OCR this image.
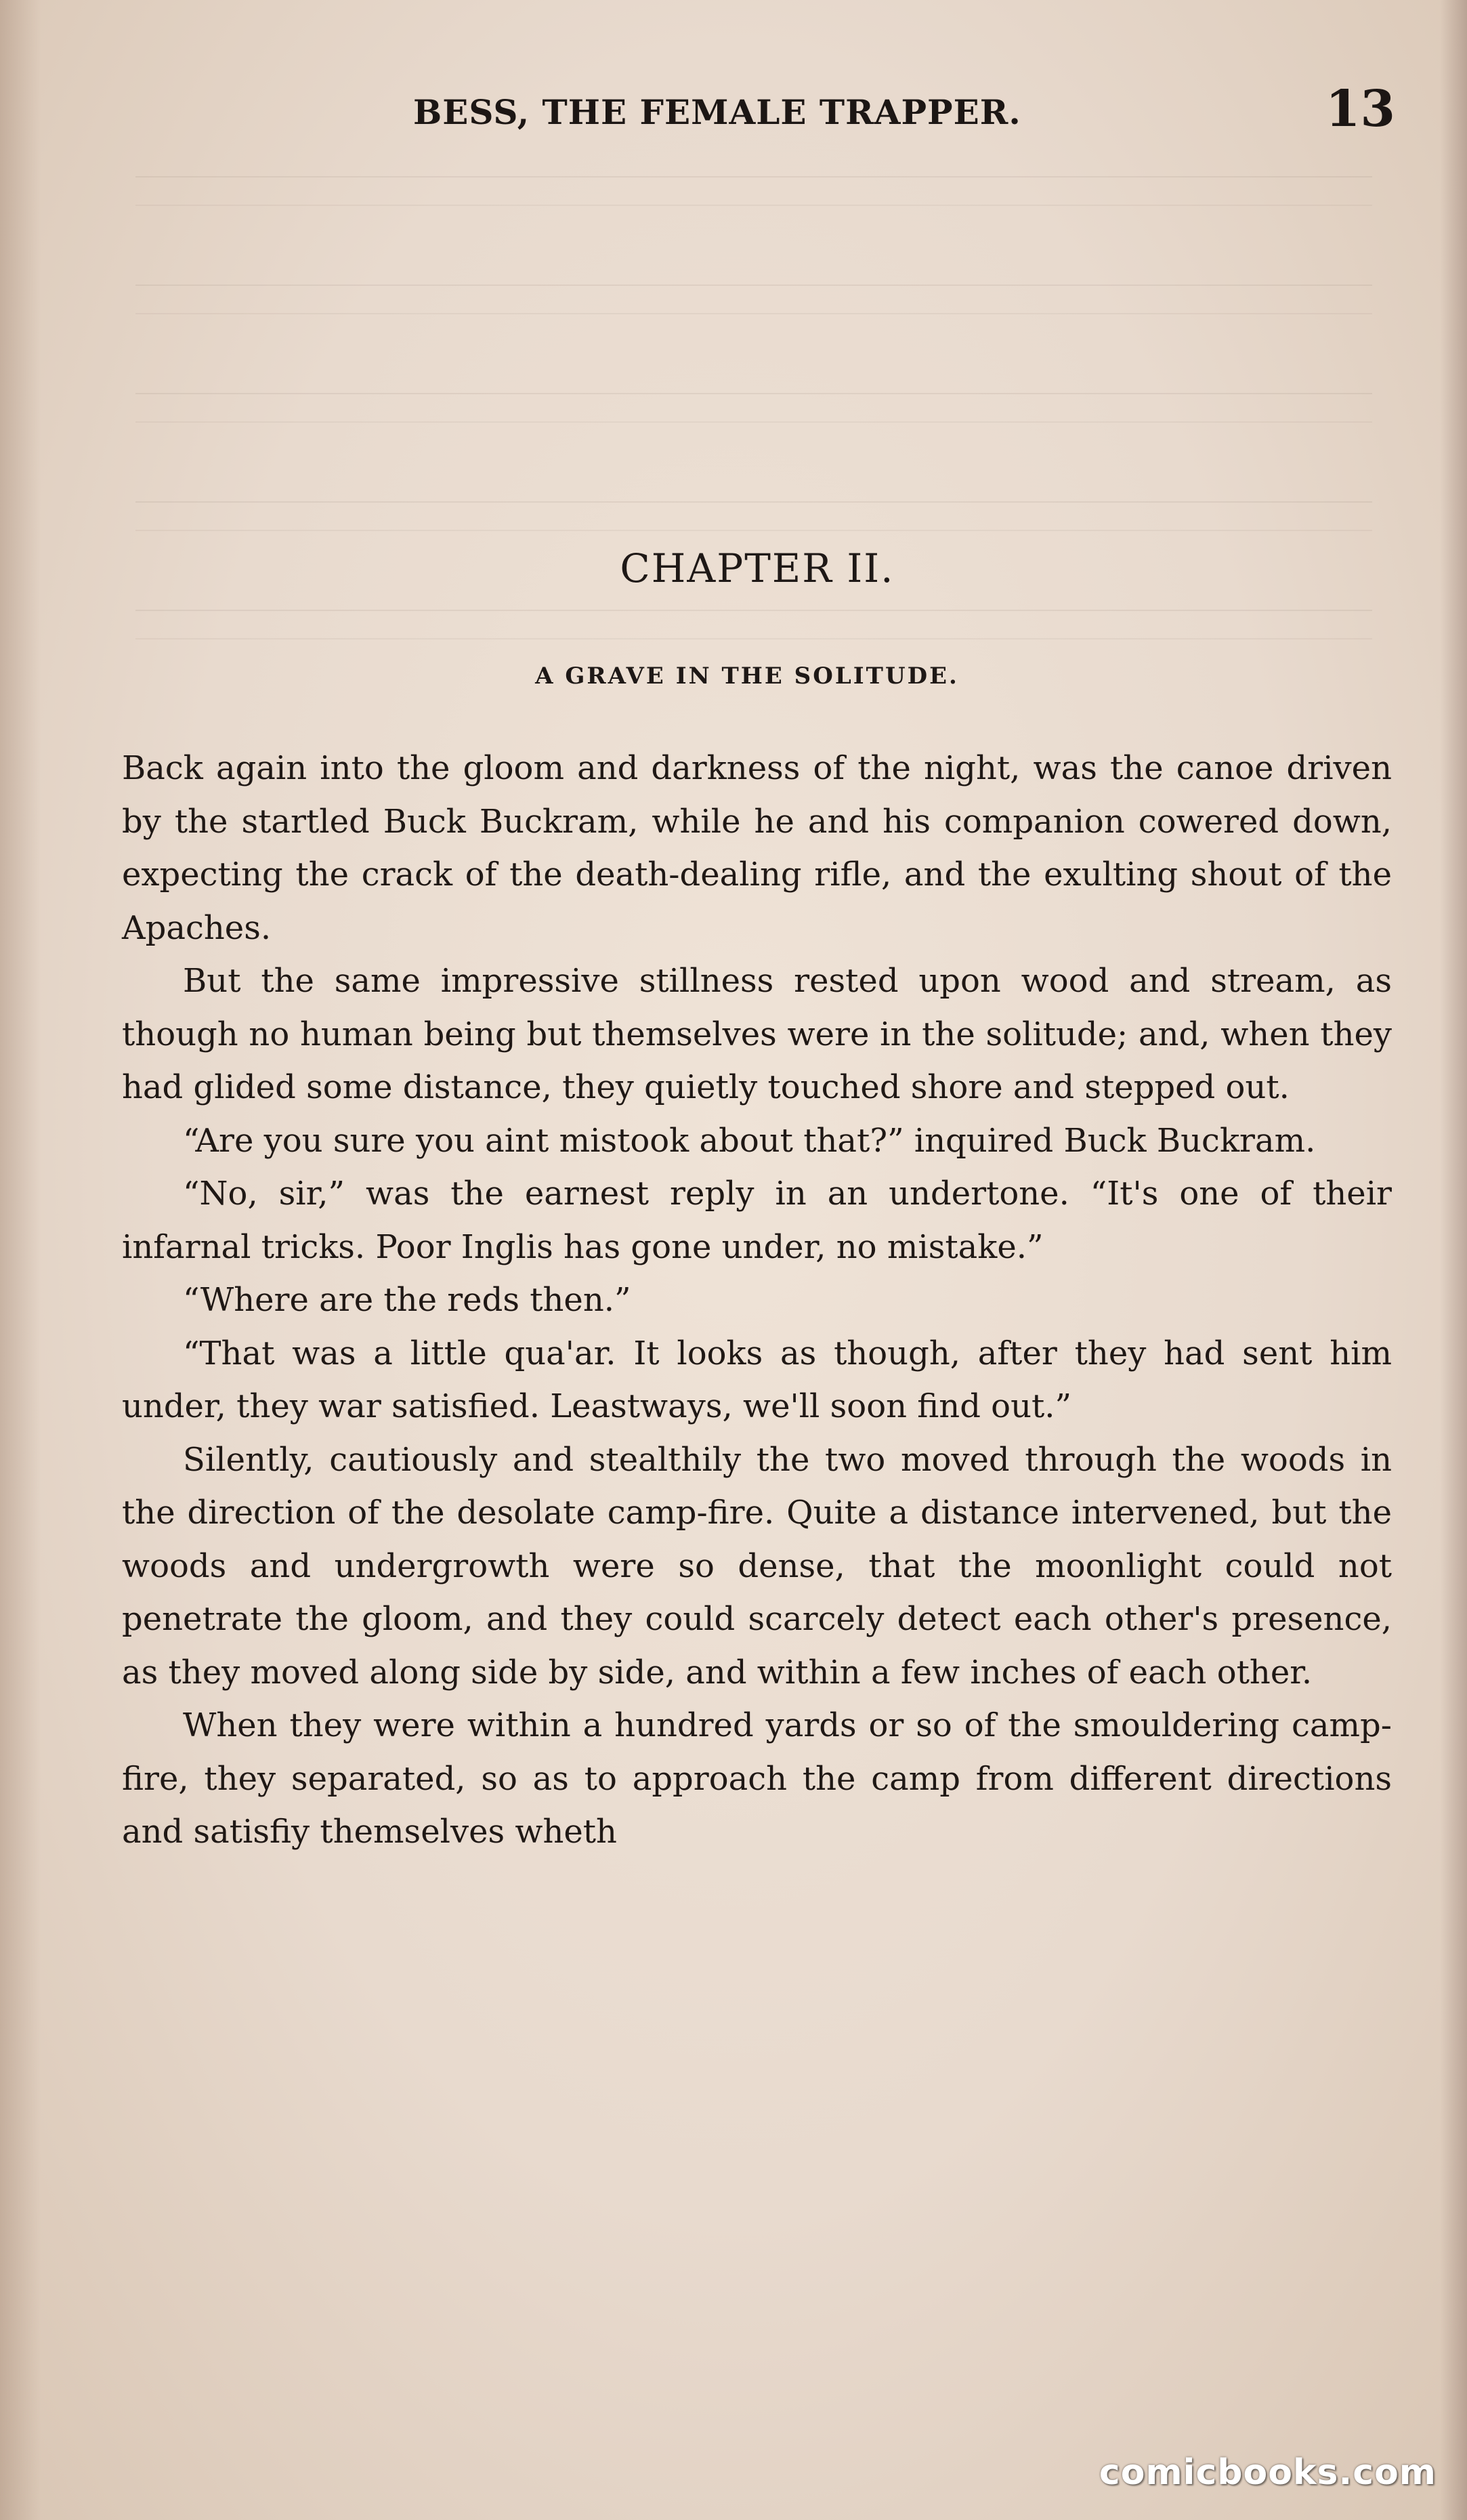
BESS, THE FEMALE TRAPPER.	13
CHAPTER II.
A GRAVE IN THE SOLITUDE.

Back again into the gloom and darkness of the night, was the canoe driven by the startled Buck Buckram, while he and his companion cowered down, expecting the crack of the death-dealing rifle, and the exulting shout of the Apaches.

But the same impressive stillness rested upon wood and stream, as though no human being but themselves were in the solitude; and, when they had glided some distance, they quietly touched shore and stepped out.

“Are you sure you aint mistook about that?” inquired Buck Buckram.

“No, sir,” was the earnest reply in an undertone. “It's one of their infarnal tricks. Poor Inglis has gone under, no mistake.”

“Where are the reds then.”

“That was a little qua'ar. It looks as though, after they had sent him under, they war satisfied. Leastways, we'll soon find out.”

Silently, cautiously and stealthily the two moved through the woods in the direction of the desolate camp-fire. Quite a distance intervened, but the woods and undergrowth were so dense, that the moonlight could not penetrate the gloom, and they could scarcely detect each other's presence, as they moved along side by side, and within a few inches of each other.

When they were within a hundred yards or so of the smouldering camp-fire, they separated, so as to approach the camp from different directions and satisfiy themselves wheth

comicbooks.com
